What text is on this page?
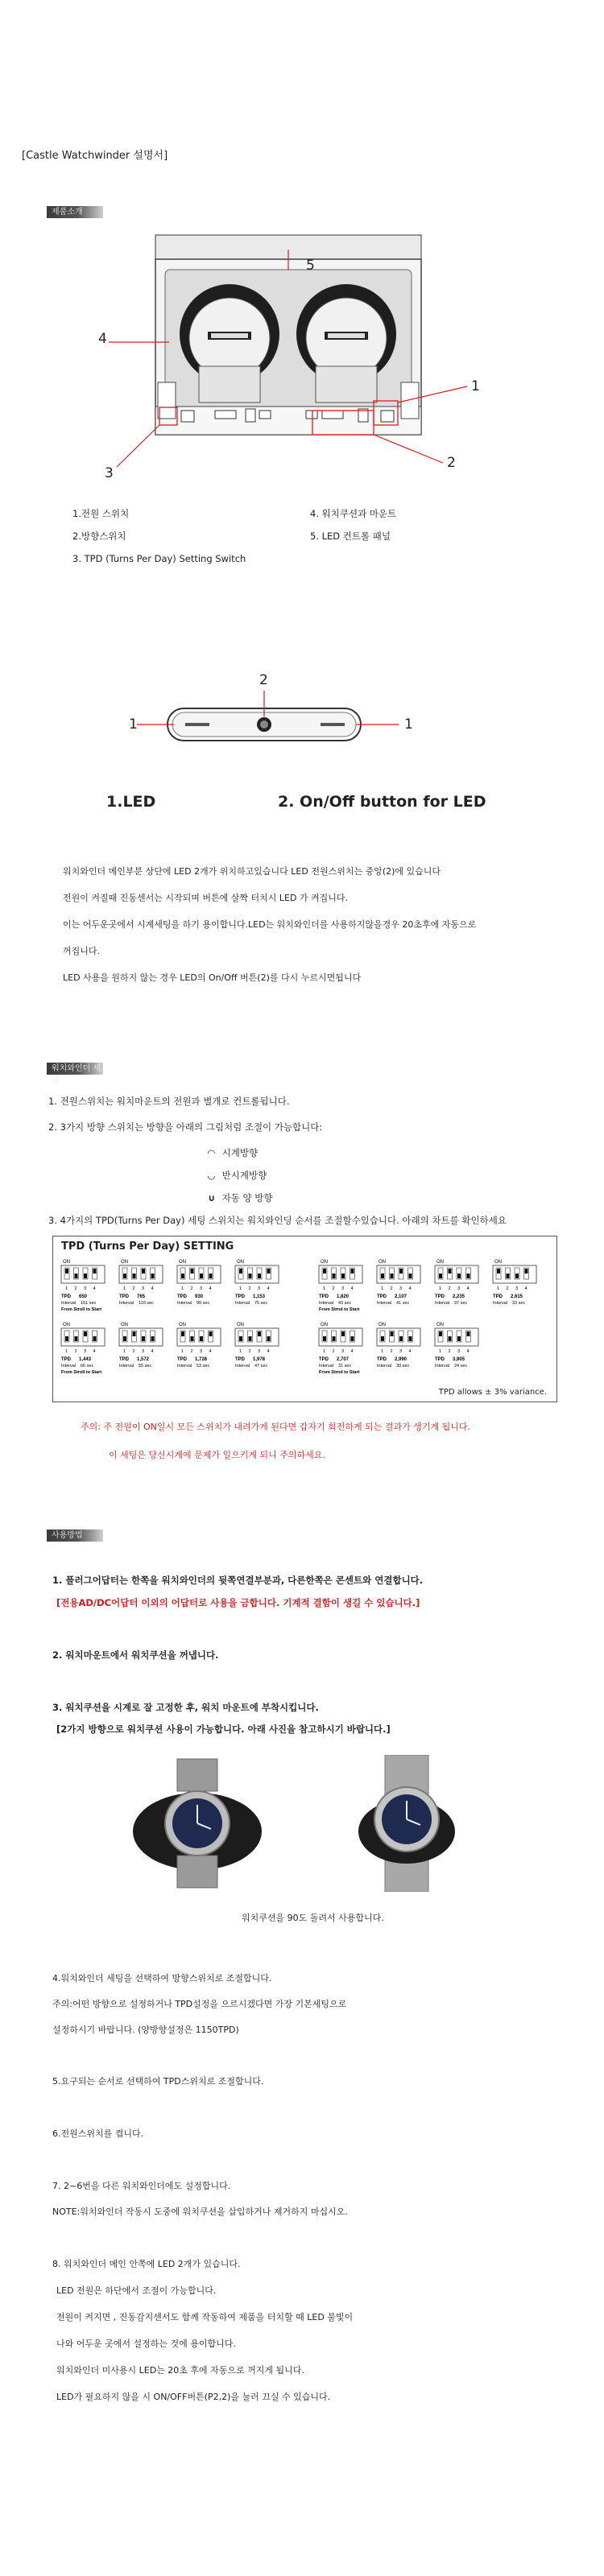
[Castle Watchwinder 설명서]
제품소개
4
5
1
2
3
1.전원 스위치
2.방향스위치
3. TPD (Turns Per Day) Setting Switch
4. 워치쿠션과 마운트
5. LED 컨트롤 패널
1
2
1
1.LED	2. On/Off button for LED
워치와인더 메인부분 상단에 LED 2개가 위치하고있습니다 LED 전원스위치는 중앙(2)에 있습니다
전원이 켜질때 진동센서는 시작되며 버튼에 살짝 터치시 LED 가 켜집니다.
이는 어두운곳에서 시계세팅을 하기 용이합니다.LED는 워치와인더를 사용하지않을경우 20초후에 자동으로
꺼집니다.
LED 사용을 원하지 않는 경우 LED의 On/Off 버튼(2)를 다시 누르시면됩니다
워치와인더 세팅
1. 전원스위치는 워치마운트의 전원과 별개로 컨트롤됩니다.
2. 3가지 방향 스위치는 방향을 아래의 그림처럼 조절이 가능합니다:
◠ 시계방향
◡ 반시계방향
∪ 자동 양 방향
3. 4가지의 TPD(Turns Per Day) 세팅 스위치는 워치와인딩 순서를 조절할수있습니다. 아래의 차트를 확인하세요
TPD (Turns Per Day) SETTING
ON
1 2 3 4
TPD 650
Interval 151 sec
From Stroll to Start
ON
1 2 3 4
TPD 765
Interval 110 sec
ON
1 2 3 4
TPD 930
Interval 90 sec
ON
1 2 3 4
TPD 1,153
Interval 75 sec
ON
1 2 3 4
TPD 1,443
Interval 66 sec
From Stroll to Start
ON
1 2 3 4
TPD 1,572
Interval 55 sec
ON
1 2 3 4
TPD 1,728
Interval 53 sec
ON
1 2 3 4
TPD 1,978
Interval 47 sec
ON
1 2 3 4
TPD 1,820
Interval 43 sec
From Strnd to Start
ON
1 2 3 4
TPD 2,107
Interval 41 sec
ON
1 2 3 4
TPD 2,235
Interval 37 sec
ON
1 2 3 4
TPD 2,615
Interval 33 sec
ON
1 2 3 4
TPD 2,707
Interval 31 sec
From Strnd to Start
ON
1 2 3 4
TPD 2,990
Interval 30 sec
ON
1 2 3 4
TPD 3,905
Interval 24 sec
TPD allows ± 3% variance.
주의: 주 전원이 ON일시 모든 스위치가 내려가게 된다면 갑자기 회전하게 되는 결과가 생기게 됩니다.
이 세팅은 당신시계에 문제가 일으키게 되니 주의하세요.
사용방법
1. 플러그어답터는 한쪽을 워치와인더의 뒷쪽연결부분과, 다른한쪽은 콘센트와 연결합니다.
[전용AD/DC어답터 이외의 어답터로 사용을 금합니다. 기계적 결함이 생길 수 있습니다.]
2. 워치마운트에서 워치쿠션을 꺼냅니다.
3. 워치쿠션을 시계로 잘 고정한 후, 워치 마운트에 부착시킵니다.
[2가지 방향으로 워치쿠션 사용이 가능합니다. 아래 사진을 참고하시기 바랍니다.]
워치쿠션을 90도 돌려서 사용합니다.
4.워치와인더 세팅을 선택하여 방향스위치로 조절합니다.
주의:어떤 방향으로 설정하거나 TPD설정을 으르시겠다면 가장 기본세팅으로
설정하시기 바랍니다. (양방향설정은 1150TPD)
5.요구되는 순서로 선택하여 TPD스위치로 조절합니다.
6.전원스위치를 켭니다.
7. 2~6번을 다른 워치와인더에도 설정합니다.
NOTE:워치와인더 작동시 도중에 워치쿠션을 삽입하거나 제거하지 마십시오.
8. 워치와인더 메인 안쪽에 LED 2개가 있습니다.
LED 전원은 하단에서 조절이 가능합니다.
전원이 켜지면 , 진동감지센서도 함께 작동하여 제품을 터치할 때 LED 불빛이
나와 어두운 곳에서 설정하는 것에 용이합니다.
워치와인더 미사용시 LED는 20초 후에 자동으로 꺼지게 됩니다.
LED가 필요하지 않을 시 ON/OFF버튼(P2,2)을 눌러 끄실 수 있습니다.
